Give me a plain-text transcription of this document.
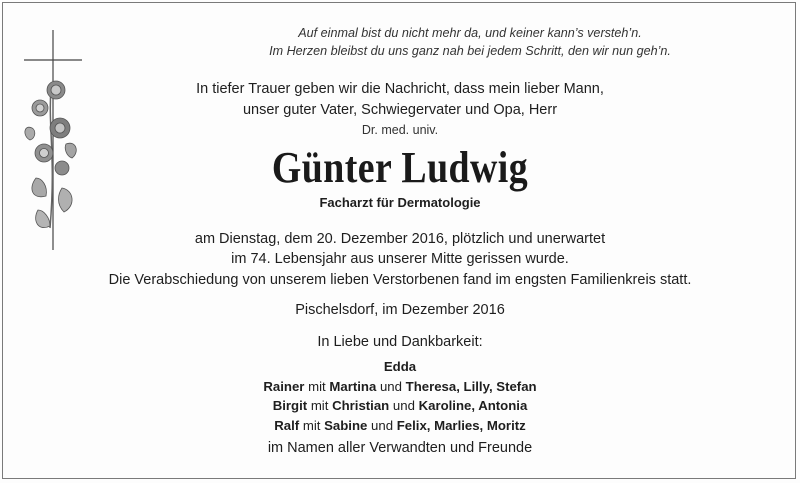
Auf einmal bist du nicht mehr da, und keiner kann’s versteh’n.
Im Herzen bleibst du uns ganz nah bei jedem Schritt, den wir nun geh’n.
In tiefer Trauer geben wir die Nachricht, dass mein lieber Mann,
unser guter Vater, Schwiegervater und Opa, Herr
Dr. med. univ.
Günter Ludwig
Facharzt für Dermatologie
am Dienstag, dem 20. Dezember 2016, plötzlich und unerwartet
im 74. Lebensjahr aus unserer Mitte gerissen wurde.
Die Verabschiedung von unserem lieben Verstorbenen fand im engsten Familienkreis statt.
Pischelsdorf, im Dezember 2016
In Liebe und Dankbarkeit:
Edda
Rainer mit Martina und Theresa, Lilly, Stefan
Birgit mit Christian und Karoline, Antonia
Ralf mit Sabine und Felix, Marlies, Moritz
im Namen aller Verwandten und Freunde
